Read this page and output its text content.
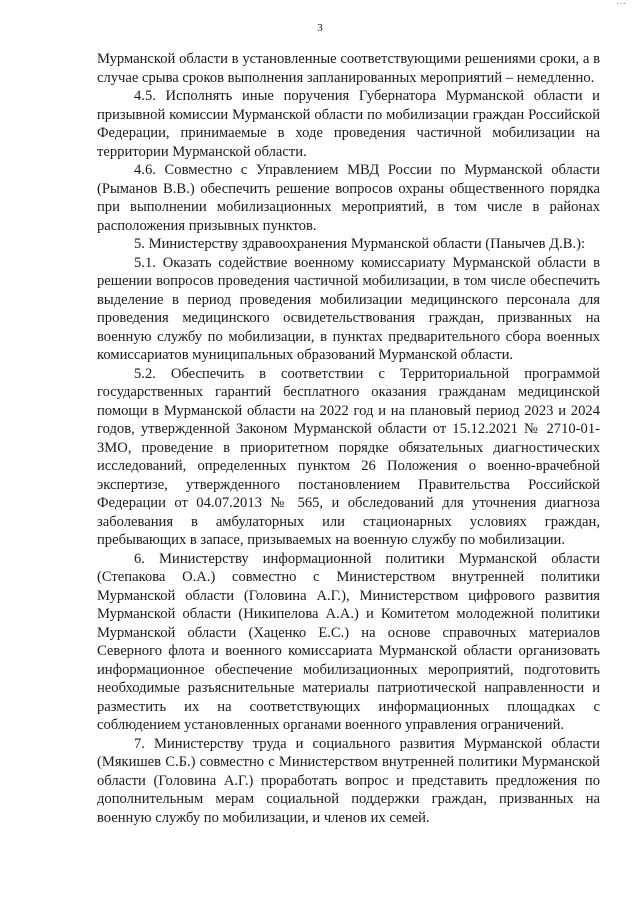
…
3

Мурманской области в установленные соответствующими решениями сроки, а в случае срыва сроков выполнения запланированных мероприятий – немедленно.

4.5. Исполнять иные поручения Губернатора Мурманской области и призывной комиссии Мурманской области по мобилизации граждан Российской Федерации, принимаемые в ходе проведения частичной мобилизации на территории Мурманской области.

4.6. Совместно с Управлением МВД России по Мурманской области (Рыманов В.В.) обеспечить решение вопросов охраны общественного порядка при выполнении мобилизационных мероприятий, в том числе в районах расположения призывных пунктов.

5. Министерству здравоохранения Мурманской области (Панычев Д.В.):

5.1. Оказать содействие военному комиссариату Мурманской области в решении вопросов проведения частичной мобилизации, в том числе обеспечить выделение в период проведения мобилизации медицинского персонала для проведения медицинского освидетельствования граждан, призванных на военную службу по мобилизации, в пунктах предварительного сбора военных комиссариатов муниципальных образований Мурманской области.

5.2. Обеспечить в соответствии с Территориальной программой государственных гарантий бесплатного оказания гражданам медицинской помощи в Мурманской области на 2022 год и на плановый период 2023 и 2024 годов, утвержденной Законом Мурманской области от 15.12.2021 № 2710-01-ЗМО, проведение в приоритетном порядке обязательных диагностических исследований, определенных пунктом 26 Положения о военно-врачебной экспертизе, утвержденного постановлением Правительства Российской Федерации от 04.07.2013 № 565, и обследований для уточнения диагноза заболевания в амбулаторных или стационарных условиях граждан, пребывающих в запасе, призываемых на военную службу по мобилизации.

6. Министерству информационной политики Мурманской области (Степакова О.А.) совместно с Министерством внутренней политики Мурманской области (Головина А.Г.), Министерством цифрового развития Мурманской области (Никипелова А.А.) и Комитетом молодежной политики Мурманской области (Хаценко Е.С.) на основе справочных материалов Северного флота и военного комиссариата Мурманской области организовать информационное обеспечение мобилизационных мероприятий, подготовить необходимые разъяснительные материалы патриотической направленности и разместить их на соответствующих информационных площадках с соблюдением установленных органами военного управления ограничений.

7. Министерству труда и социального развития Мурманской области (Мякишев С.Б.) совместно с Министерством внутренней политики Мурманской области (Головина А.Г.) проработать вопрос и представить предложения по дополнительным мерам социальной поддержки граждан, призванных на военную службу по мобилизации, и членов их семей.
